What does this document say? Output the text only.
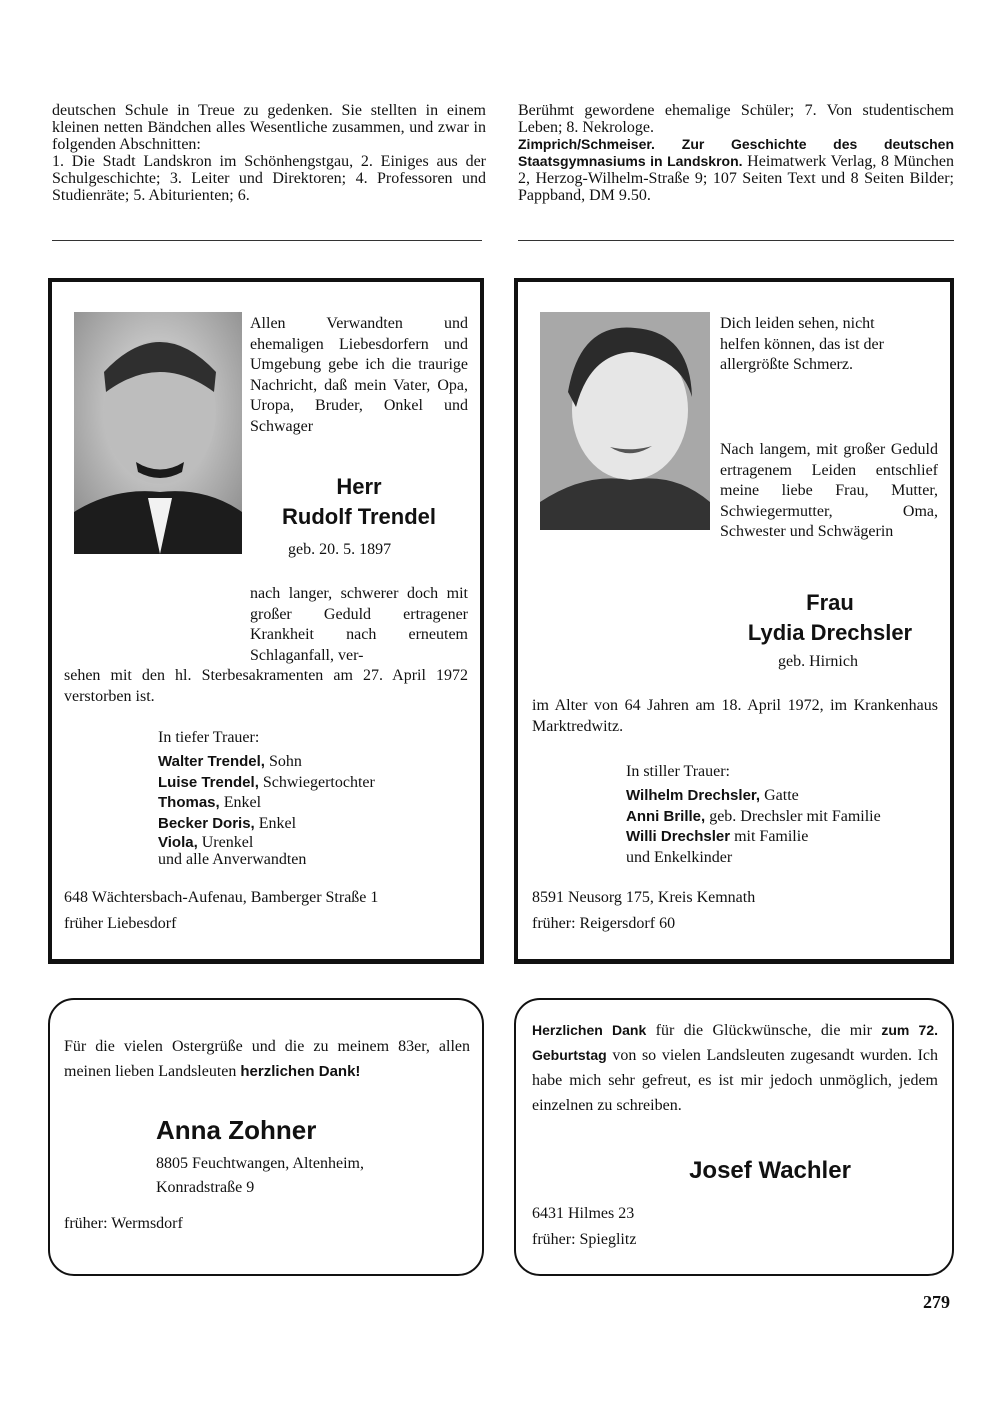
deutschen Schule in Treue zu gedenken. Sie stellten in einem kleinen netten Bändchen alles Wesentliche zusammen, und zwar in folgenden Abschnitten:

1. Die Stadt Landskron im Schönhengstgau, 2. Einiges aus der Schulgeschichte; 3. Leiter und Direktoren; 4. Professoren und Studienräte; 5. Abiturienten; 6.

Berühmt gewordene ehemalige Schüler; 7. Von studentischem Leben; 8. Nekrologe.

Zimprich/Schmeiser. Zur Geschichte des deutschen Staatsgymnasiums in Landskron. Heimatwerk Verlag, 8 München 2, Herzog-Wilhelm-Straße 9; 107 Seiten Text und 8 Seiten Bilder; Pappband, DM 9.50.

Allen Verwandten und ehemaligen Liebesdorfern und Umgebung gebe ich die traurige Nachricht, daß mein Vater, Opa, Uropa, Bruder, Onkel und Schwager
Herr
Rudolf Trendel
geb. 20. 5. 1897
nach langer, schwerer doch mit großer Geduld ertragener Krankheit nach erneutem Schlaganfall, ver-
sehen mit den hl. Sterbesakramenten am 27. April 1972 verstorben ist.
In tiefer Trauer:
Walter Trendel, Sohn
Luise Trendel, Schwiegertochter
Thomas, Enkel
Becker Doris, Enkel
Viola, Urenkel
und alle Anverwandten
648 Wächtersbach-Aufenau, Bamberger Straße 1
früher Liebesdorf
Dich leiden sehen, nicht helfen können, das ist der allergrößte Schmerz.
Nach langem, mit großer Geduld ertragenem Leiden entschlief meine liebe Frau, Mutter, Schwiegermutter, Oma, Schwester und Schwägerin
Frau
Lydia Drechsler
geb. Hirnich
im Alter von 64 Jahren am 18. April 1972, im Krankenhaus Marktredwitz.
In stiller Trauer:
Wilhelm Drechsler, Gatte
Anni Brille, geb. Drechsler mit Familie
Willi Drechsler mit Familie
und Enkelkinder
8591 Neusorg 175, Kreis Kemnath
früher: Reigersdorf 60
Für die vielen Ostergrüße und die zu meinem 83er, allen meinen lieben Landsleuten herzlichen Dank!
Anna Zohner
8805 Feuchtwangen, Altenheim, Konradstraße 9
früher: Wermsdorf
Herzlichen Dank für die Glückwünsche, die mir zum 72. Geburtstag von so vielen Landsleuten zugesandt wurden. Ich habe mich sehr gefreut, es ist mir jedoch unmöglich, jedem einzelnen zu schreiben.
Josef Wachler
6431 Hilmes 23
früher: Spieglitz
279
